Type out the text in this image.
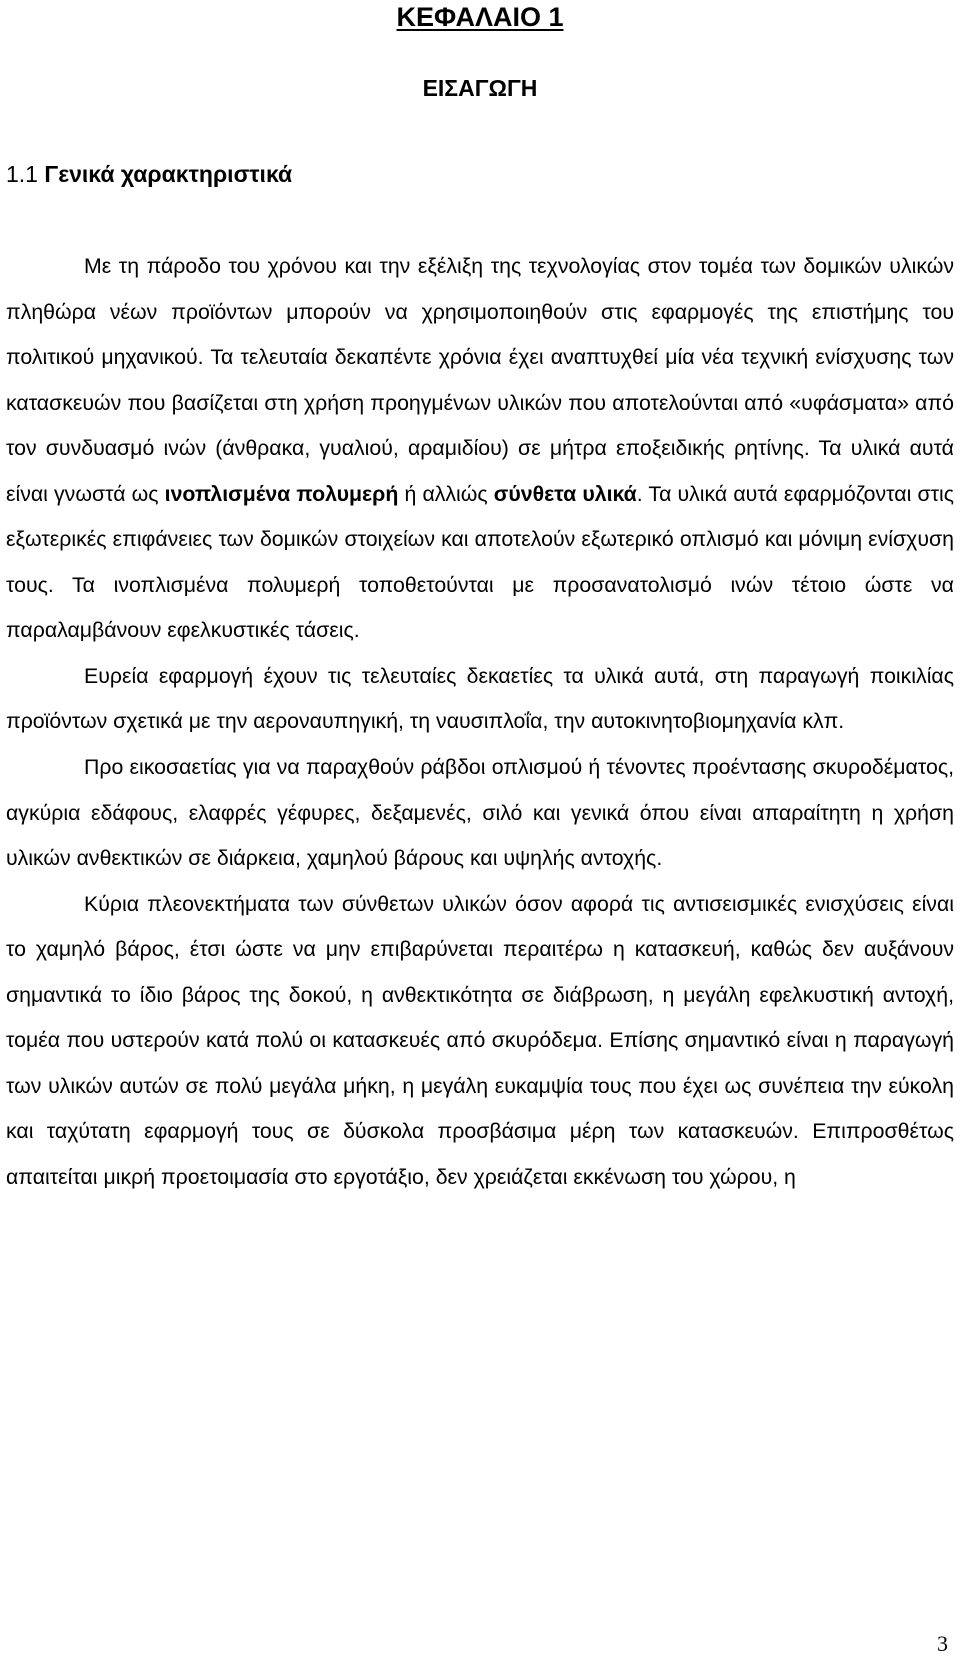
ΚΕΦΑΛΑΙΟ 1
ΕΙΣΑΓΩΓΗ
1.1 Γενικά χαρακτηριστικά

Με τη πάροδο του χρόνου και την εξέλιξη της τεχνολογίας στον τομέα των δομικών υλικών πληθώρα νέων προϊόντων μπορούν να χρησιμοποιηθούν στις εφαρμογές της επιστήμης του πολιτικού μηχανικού. Τα τελευταία δεκαπέντε χρόνια έχει αναπτυχθεί μία νέα τεχνική ενίσχυσης των κατασκευών που βασίζεται στη χρήση προηγμένων υλικών που αποτελούνται από «υφάσματα» από τον συνδυασμό ινών (άνθρακα, γυαλιού, αραμιδίου) σε μήτρα εποξειδικής ρητίνης. Τα υλικά αυτά είναι γνωστά ως ινοπλισμένα πολυμερή ή αλλιώς σύνθετα υλικά. Τα υλικά αυτά εφαρμόζονται στις εξωτερικές επιφάνειες των δομικών στοιχείων και αποτελούν εξωτερικό οπλισμό και μόνιμη ενίσχυση τους. Τα ινοπλισμένα πολυμερή τοποθετούνται με προσανατολισμό ινών τέτοιο ώστε να παραλαμβάνουν εφελκυστικές τάσεις.

Ευρεία εφαρμογή έχουν τις τελευταίες δεκαετίες τα υλικά αυτά, στη παραγωγή ποικιλίας προϊόντων σχετικά με την αεροναυπηγική, τη ναυσιπλοΐα, την αυτοκινητοβιομηχανία κλπ.

Προ εικοσαετίας για να παραχθούν ράβδοι οπλισμού ή τένοντες προέντασης σκυροδέματος, αγκύρια εδάφους, ελαφρές γέφυρες, δεξαμενές, σιλό και γενικά όπου είναι απαραίτητη η χρήση υλικών ανθεκτικών σε διάρκεια, χαμηλού βάρους και υψηλής αντοχής.

Κύρια πλεονεκτήματα των σύνθετων υλικών όσον αφορά τις αντισεισμικές ενισχύσεις είναι το χαμηλό βάρος, έτσι ώστε να μην επιβαρύνεται περαιτέρω η κατασκευή, καθώς δεν αυξάνουν σημαντικά το ίδιο βάρος της δοκού, η ανθεκτικότητα σε διάβρωση, η μεγάλη εφελκυστική αντοχή, τομέα που υστερούν κατά πολύ οι κατασκευές από σκυρόδεμα. Επίσης σημαντικό είναι η παραγωγή των υλικών αυτών σε πολύ μεγάλα μήκη, η μεγάλη ευκαμψία τους που έχει ως συνέπεια την εύκολη και ταχύτατη εφαρμογή τους σε δύσκολα προσβάσιμα μέρη των κατασκευών. Επιπροσθέτως απαιτείται μικρή προετοιμασία στο εργοτάξιο, δεν χρειάζεται εκκένωση του χώρου, η

3
